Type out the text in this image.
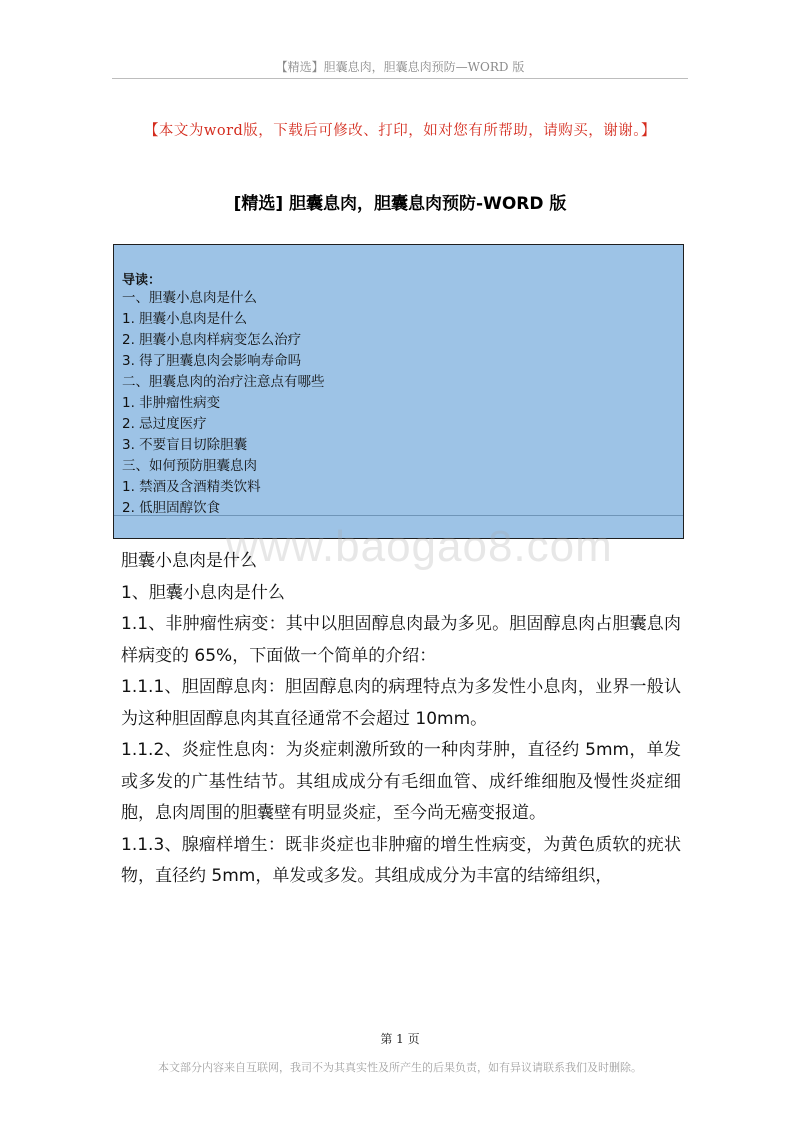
【精选】胆囊息肉，胆囊息肉预防—WORD 版
【本文为word版，下载后可修改、打印，如对您有所帮助，请购买，谢谢。】
[精选] 胆囊息肉，胆囊息肉预防-WORD 版
导读：
一、胆囊小息肉是什么
1. 胆囊小息肉是什么
2. 胆囊小息肉样病变怎么治疗
3. 得了胆囊息肉会影响寿命吗
二、胆囊息肉的治疗注意点有哪些
1. 非肿瘤性病变
2. 忌过度医疗
3. 不要盲目切除胆囊
三、如何预防胆囊息肉
1. 禁酒及含酒精类饮料
2. 低胆固醇饮食
www.baogao8.com

胆囊小息肉是什么

1、胆囊小息肉是什么

1.1、非肿瘤性病变：其中以胆固醇息肉最为多见。胆固醇息肉占胆囊息肉样病变的 65%，下面做一个简单的介绍：

1.1.1、胆固醇息肉：胆固醇息肉的病理特点为多发性小息肉，业界一般认为这种胆固醇息肉其直径通常不会超过 10mm。

1.1.2、炎症性息肉：为炎症刺激所致的一种肉芽肿，直径约 5mm，单发或多发的广基性结节。其组成成分有毛细血管、成纤维细胞及慢性炎症细胞，息肉周围的胆囊壁有明显炎症，至今尚无癌变报道。

1.1.3、腺瘤样增生：既非炎症也非肿瘤的增生性病变，为黄色质软的疣状物，直径约 5mm，单发或多发。其组成成分为丰富的结缔组织，

第 1 页
本文部分内容来自互联网，我司不为其真实性及所产生的后果负责，如有异议请联系我们及时删除。
